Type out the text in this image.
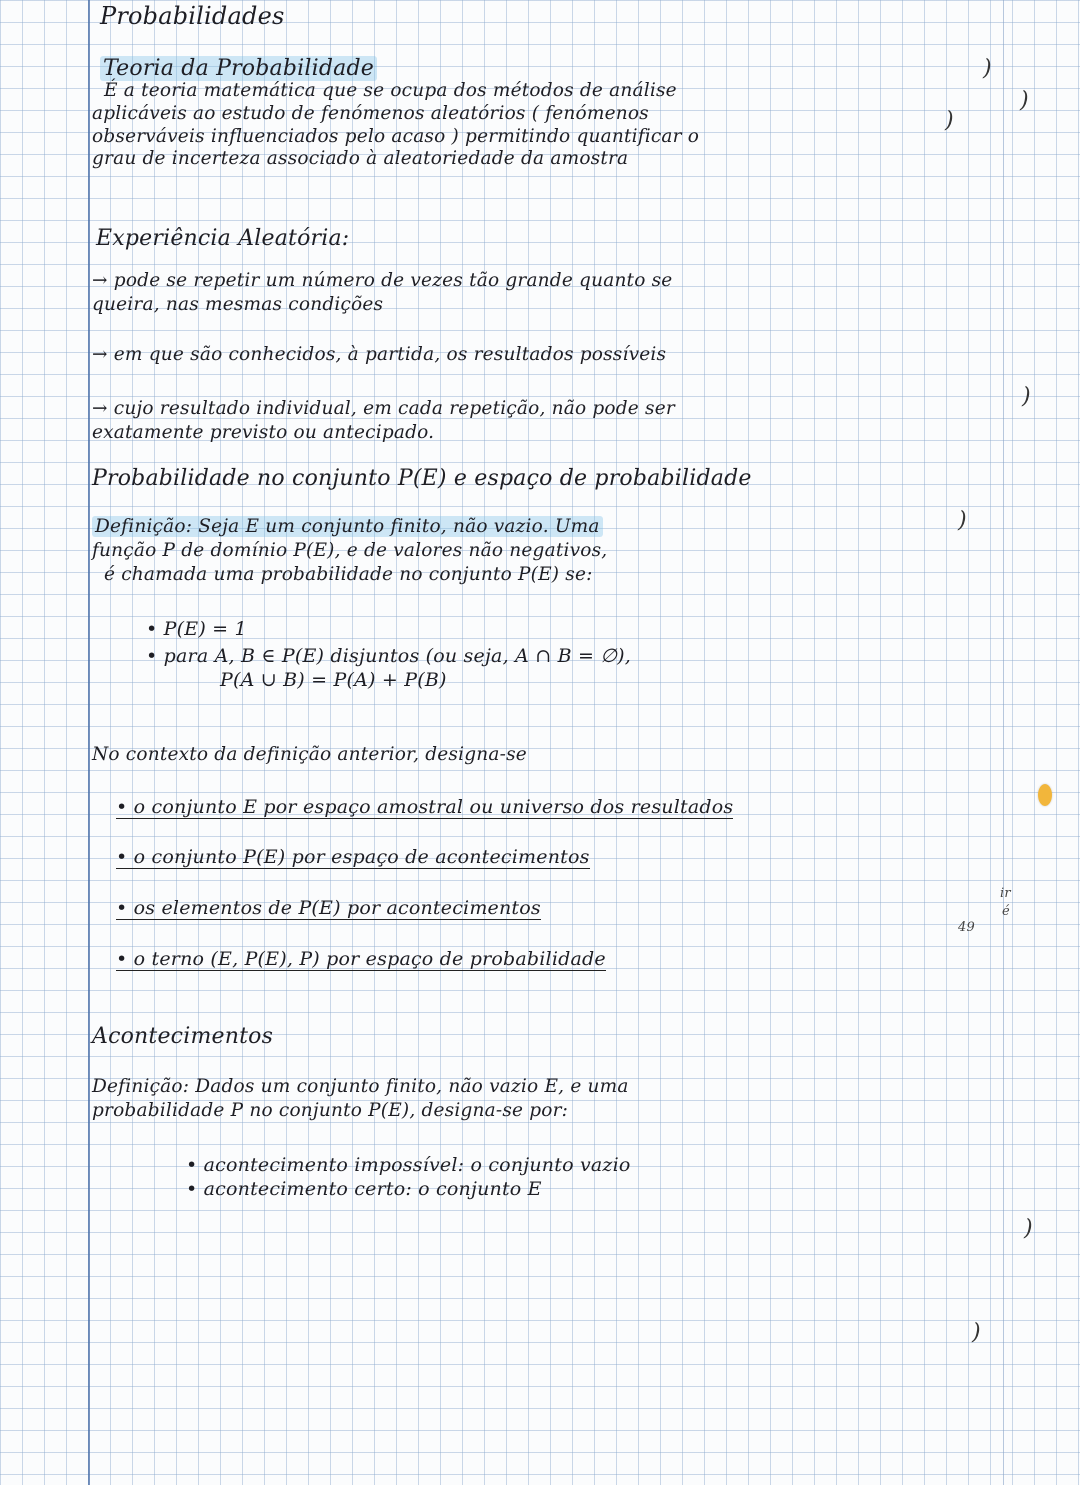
Probabilidades
Teoria da Probabilidade
É a teoria matemática que se ocupa dos métodos de análise
aplicáveis ao estudo de fenómenos aleatórios ( fenómenos
observáveis influenciados pelo acaso ) permitindo quantificar o
grau de incerteza associado à aleatoriedade da amostra
Experiência Aleatória:
→ pode se repetir um número de vezes tão grande quanto se
queira, nas mesmas condições
→ em que são conhecidos, à partida, os resultados possíveis
→ cujo resultado individual, em cada repetição, não pode ser
exatamente previsto ou antecipado.
Probabilidade no conjunto P(E) e espaço de probabilidade
Definição: Seja E um conjunto finito, não vazio. Uma
função P de domínio P(E), e de valores não negativos,
é chamada uma probabilidade no conjunto P(E) se:
• P(E) = 1
• para A, B ∈ P(E) disjuntos (ou seja, A ∩ B = ∅),
P(A ∪ B) = P(A) + P(B)
No contexto da definição anterior, designa-se
• o conjunto E por espaço amostral ou universo dos resultados
• o conjunto P(E) por espaço de acontecimentos
• os elementos de P(E) por acontecimentos
• o terno (E, P(E), P) por espaço de probabilidade
Acontecimentos
Definição: Dados um conjunto finito, não vazio E, e uma
probabilidade P no conjunto P(E), designa-se por:
• acontecimento impossível: o conjunto vazio
• acontecimento certo: o conjunto E
)
)
)
)
)
)
)
49
ir
é
